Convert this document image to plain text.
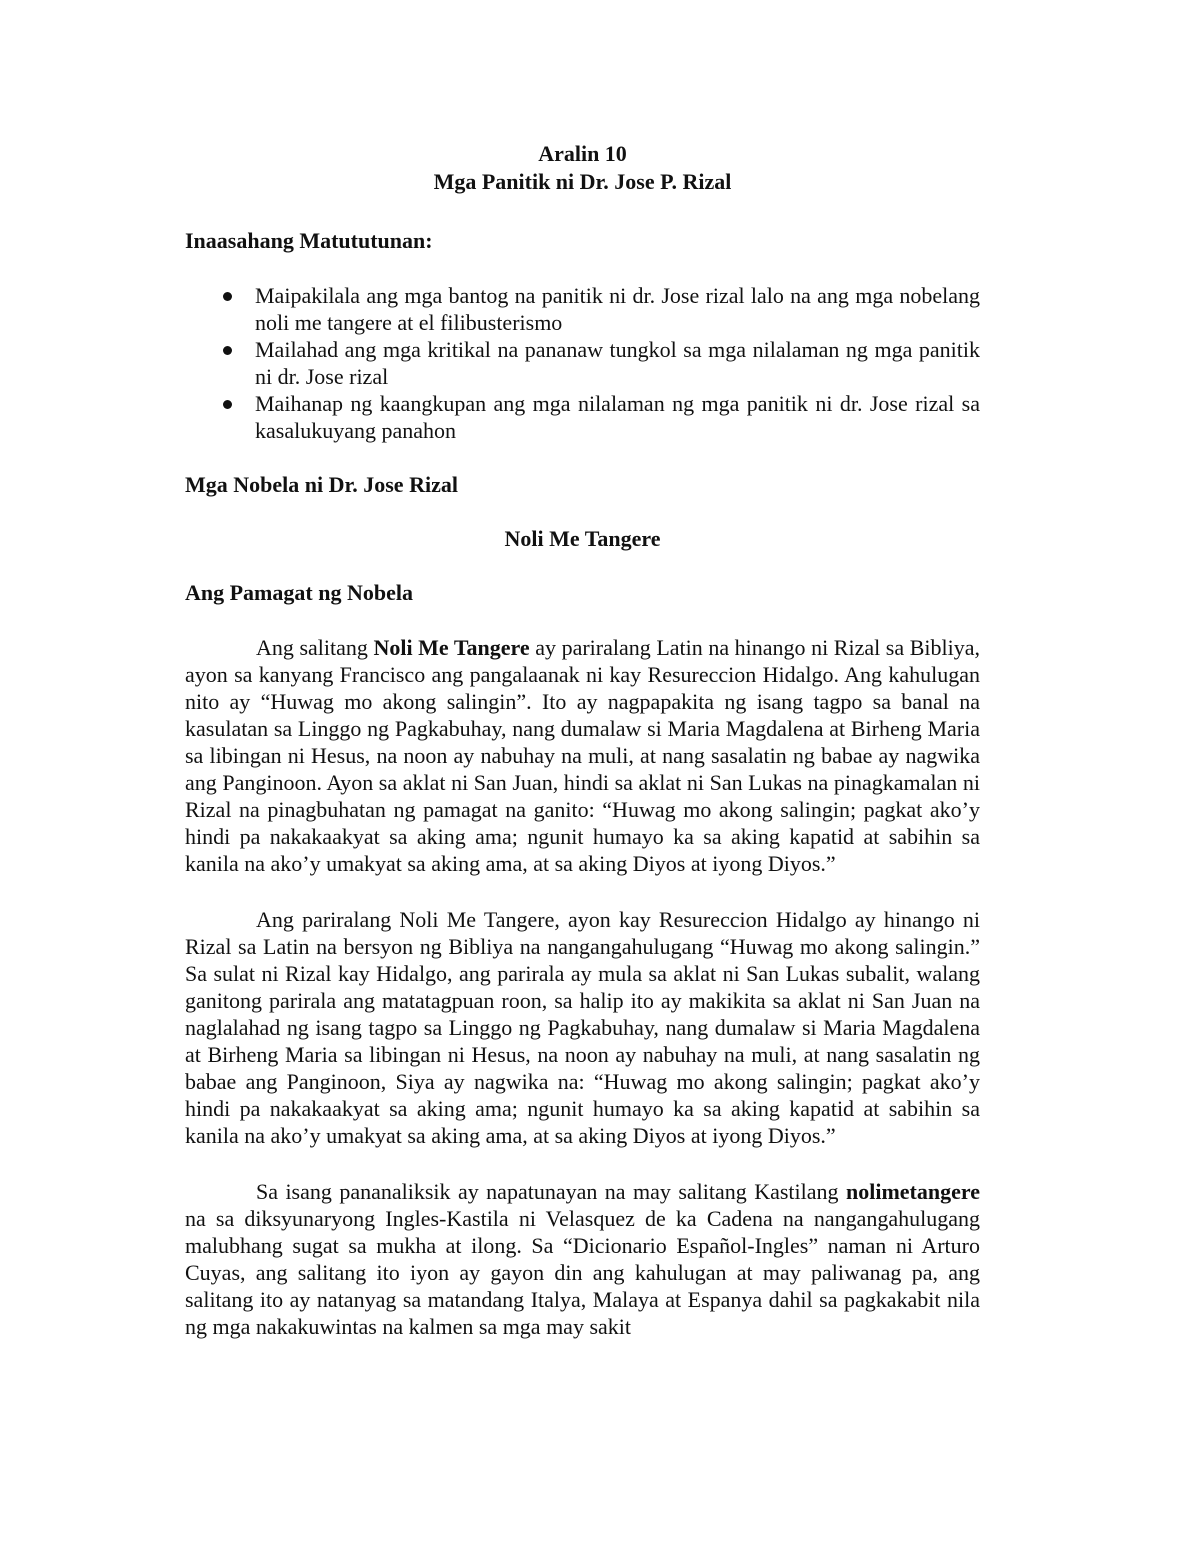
Aralin 10
Mga Panitik ni Dr. Jose P. Rizal
Inaasahang Matututunan:
Maipakilala ang mga bantog na panitik ni dr. Jose rizal lalo na ang mga nobelang noli me tangere at el filibusterismo
Mailahad ang mga kritikal na pananaw tungkol sa mga nilalaman ng mga panitik ni dr. Jose rizal
Maihanap ng kaangkupan ang mga nilalaman ng mga panitik ni dr. Jose rizal sa kasalukuyang panahon
Mga Nobela ni Dr. Jose Rizal
Noli Me Tangere
Ang Pamagat ng Nobela

Ang salitang Noli Me Tangere ay pariralang Latin na hinango ni Rizal sa Bibliya, ayon sa kanyang Francisco ang pangalaanak ni kay Resureccion Hidalgo. Ang kahulugan nito ay “Huwag mo akong salingin”. Ito ay nagpapakita ng isang tagpo sa banal na kasulatan sa Linggo ng Pagkabuhay, nang dumalaw si Maria Magdalena at Birheng Maria sa libingan ni Hesus, na noon ay nabuhay na muli, at nang sasalatin ng babae ay nagwika ang Panginoon. Ayon sa aklat ni San Juan, hindi sa aklat ni San Lukas na pinagkamalan ni Rizal na pinagbuhatan ng pamagat na ganito: “Huwag mo akong salingin; pagkat ako’y hindi pa nakakaakyat sa aking ama; ngunit humayo ka sa aking kapatid at sabihin sa kanila na ako’y umakyat sa aking ama, at sa aking Diyos at iyong Diyos.”

Ang pariralang Noli Me Tangere, ayon kay Resureccion Hidalgo ay hinango ni Rizal sa Latin na bersyon ng Bibliya na nangangahulugang “Huwag mo akong salingin.” Sa sulat ni Rizal kay Hidalgo, ang parirala ay mula sa aklat ni San Lukas subalit, walang ganitong parirala ang matatagpuan roon, sa halip ito ay makikita sa aklat ni San Juan na naglalahad ng isang tagpo sa Linggo ng Pagkabuhay, nang dumalaw si Maria Magdalena at Birheng Maria sa libingan ni Hesus, na noon ay nabuhay na muli, at nang sasalatin ng babae ang Panginoon, Siya ay nagwika na: “Huwag mo akong salingin; pagkat ako’y hindi pa nakakaakyat sa aking ama; ngunit humayo ka sa aking kapatid at sabihin sa kanila na ako’y umakyat sa aking ama, at sa aking Diyos at iyong Diyos.”

Sa isang pananaliksik ay napatunayan na may salitang Kastilang nolimetangere na sa diksyunaryong Ingles-Kastila ni Velasquez de ka Cadena na nangangahulugang malubhang sugat sa mukha at ilong. Sa “Dicionario Español-Ingles” naman ni Arturo Cuyas, ang salitang ito iyon ay gayon din ang kahulugan at may paliwanag pa, ang salitang ito ay natanyag sa matandang Italya, Malaya at Espanya dahil sa pagkakabit nila ng mga nakakuwintas na kalmen sa mga may sakit
